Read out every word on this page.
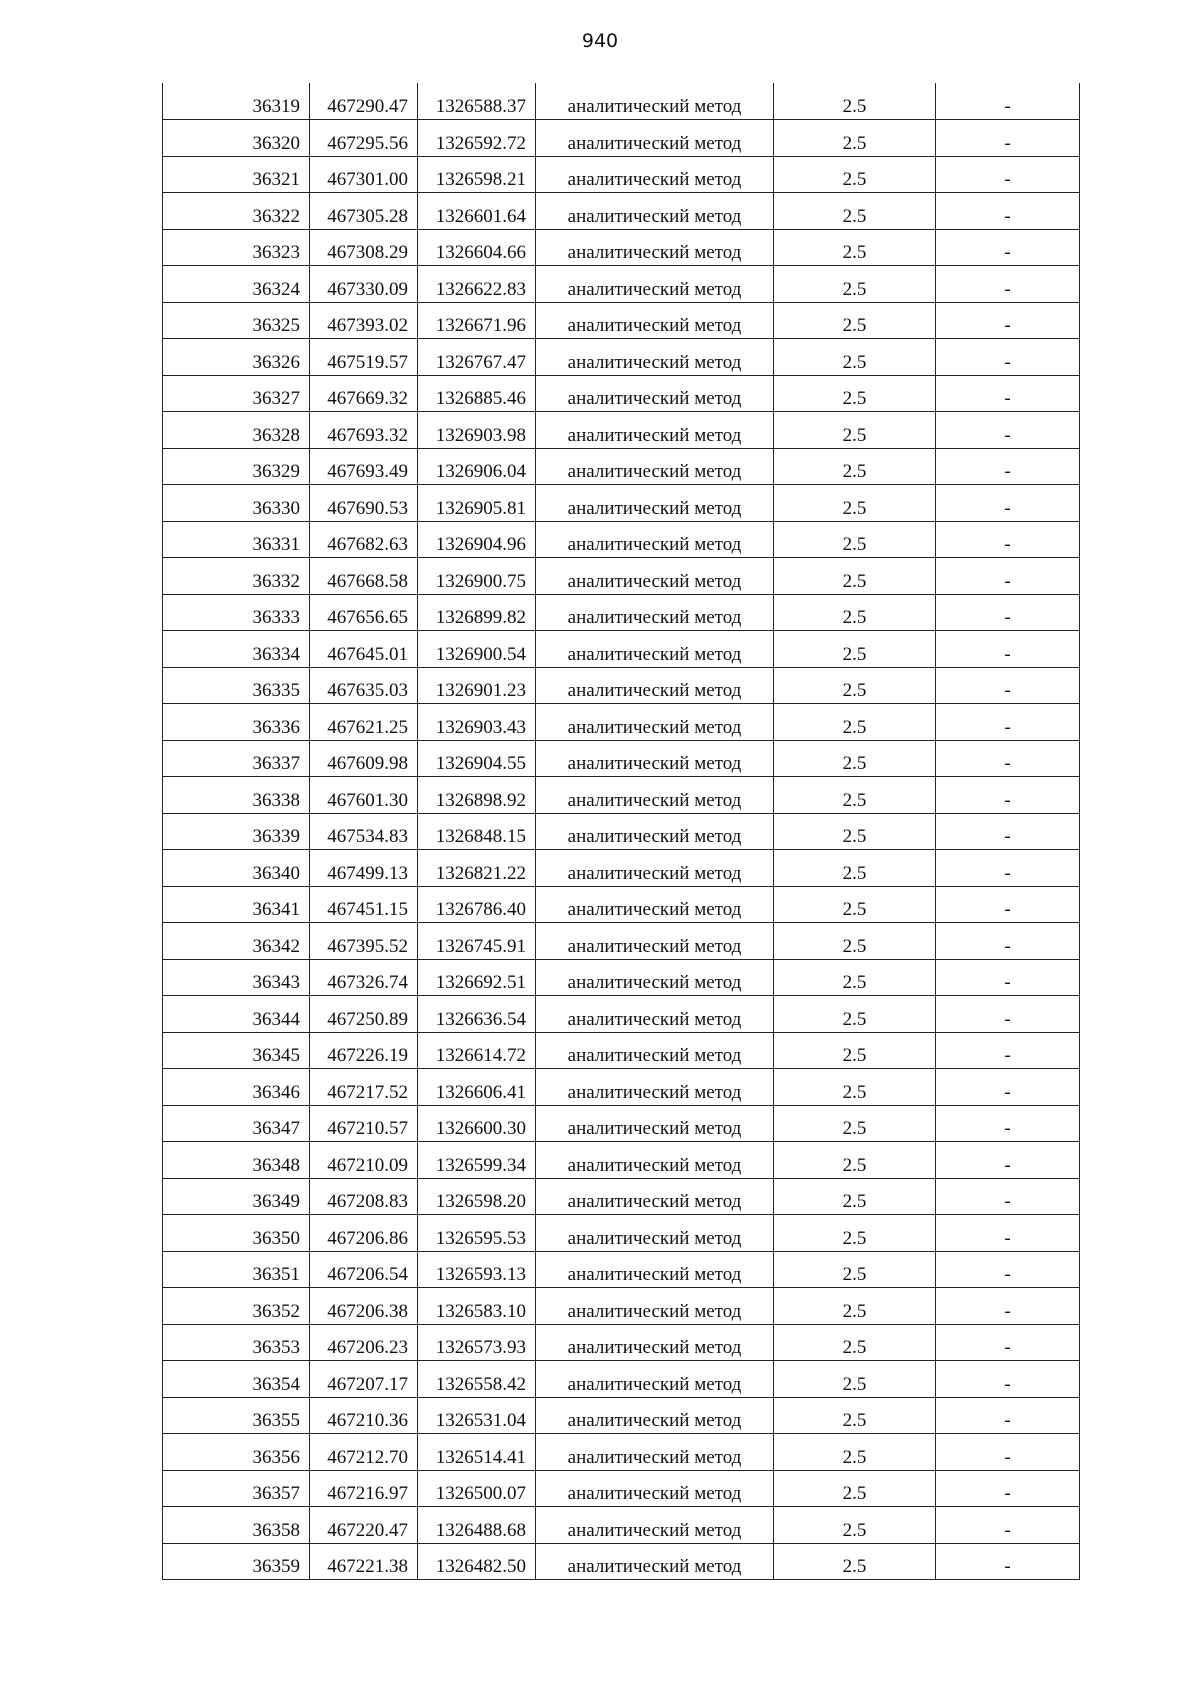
940
36319	467290.47	1326588.37	аналитический метод	2.5	-
36320	467295.56	1326592.72	аналитический метод	2.5	-
36321	467301.00	1326598.21	аналитический метод	2.5	-
36322	467305.28	1326601.64	аналитический метод	2.5	-
36323	467308.29	1326604.66	аналитический метод	2.5	-
36324	467330.09	1326622.83	аналитический метод	2.5	-
36325	467393.02	1326671.96	аналитический метод	2.5	-
36326	467519.57	1326767.47	аналитический метод	2.5	-
36327	467669.32	1326885.46	аналитический метод	2.5	-
36328	467693.32	1326903.98	аналитический метод	2.5	-
36329	467693.49	1326906.04	аналитический метод	2.5	-
36330	467690.53	1326905.81	аналитический метод	2.5	-
36331	467682.63	1326904.96	аналитический метод	2.5	-
36332	467668.58	1326900.75	аналитический метод	2.5	-
36333	467656.65	1326899.82	аналитический метод	2.5	-
36334	467645.01	1326900.54	аналитический метод	2.5	-
36335	467635.03	1326901.23	аналитический метод	2.5	-
36336	467621.25	1326903.43	аналитический метод	2.5	-
36337	467609.98	1326904.55	аналитический метод	2.5	-
36338	467601.30	1326898.92	аналитический метод	2.5	-
36339	467534.83	1326848.15	аналитический метод	2.5	-
36340	467499.13	1326821.22	аналитический метод	2.5	-
36341	467451.15	1326786.40	аналитический метод	2.5	-
36342	467395.52	1326745.91	аналитический метод	2.5	-
36343	467326.74	1326692.51	аналитический метод	2.5	-
36344	467250.89	1326636.54	аналитический метод	2.5	-
36345	467226.19	1326614.72	аналитический метод	2.5	-
36346	467217.52	1326606.41	аналитический метод	2.5	-
36347	467210.57	1326600.30	аналитический метод	2.5	-
36348	467210.09	1326599.34	аналитический метод	2.5	-
36349	467208.83	1326598.20	аналитический метод	2.5	-
36350	467206.86	1326595.53	аналитический метод	2.5	-
36351	467206.54	1326593.13	аналитический метод	2.5	-
36352	467206.38	1326583.10	аналитический метод	2.5	-
36353	467206.23	1326573.93	аналитический метод	2.5	-
36354	467207.17	1326558.42	аналитический метод	2.5	-
36355	467210.36	1326531.04	аналитический метод	2.5	-
36356	467212.70	1326514.41	аналитический метод	2.5	-
36357	467216.97	1326500.07	аналитический метод	2.5	-
36358	467220.47	1326488.68	аналитический метод	2.5	-
36359	467221.38	1326482.50	аналитический метод	2.5	-
